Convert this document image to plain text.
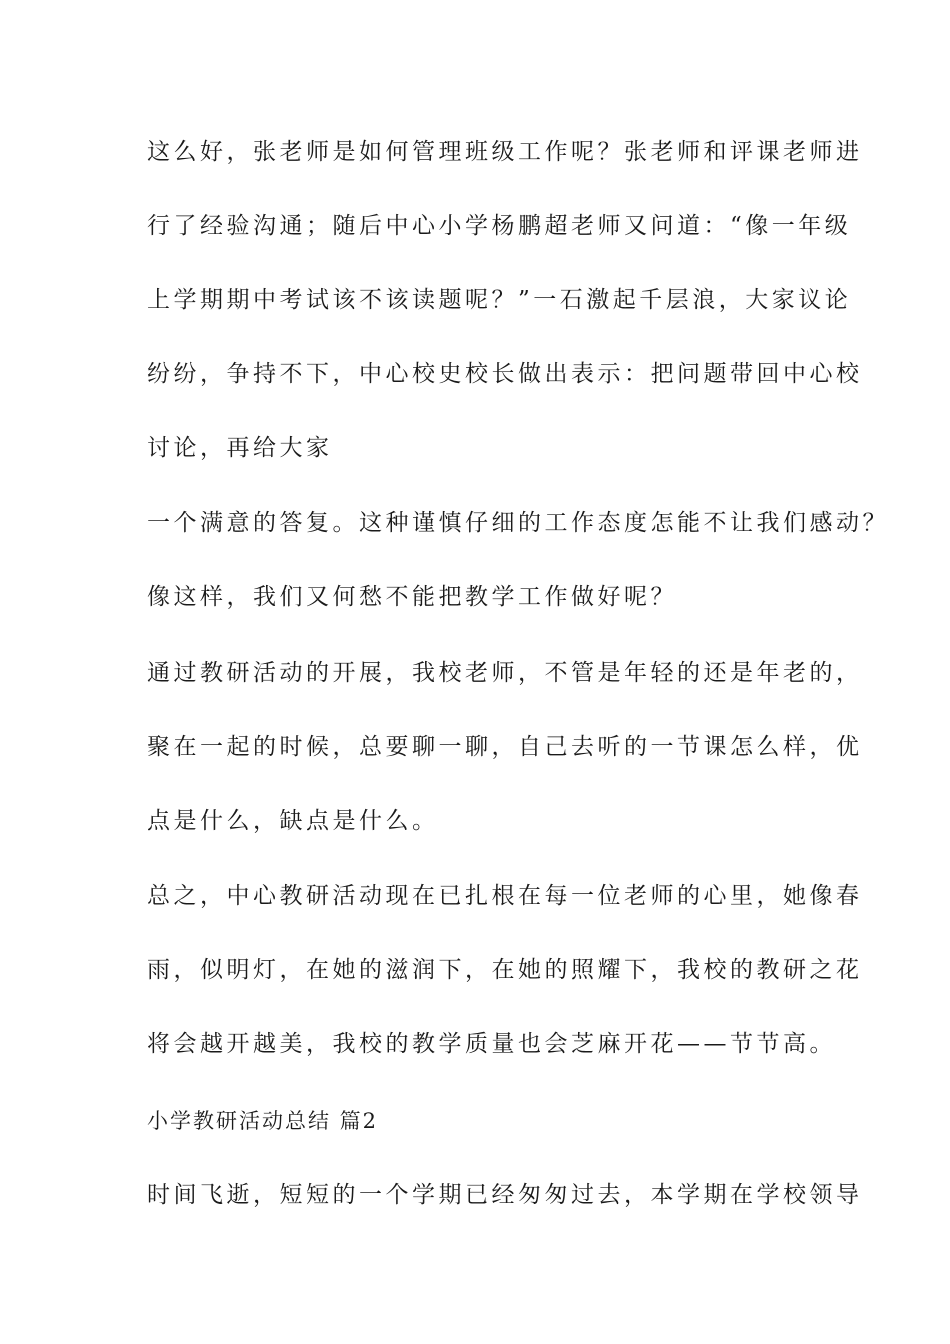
这么好，张老师是如何管理班级工作呢？张老师和评课老师进

行了经验沟通；随后中心小学杨鹏超老师又问道：“像一年级

上学期期中考试该不该读题呢？”一石激起千层浪，大家议论

纷纷，争持不下，中心校史校长做出表示：把问题带回中心校

讨论，再给大家

一个满意的答复。这种谨慎仔细的工作态度怎能不让我们感动？

像这样，我们又何愁不能把教学工作做好呢？

通过教研活动的开展，我校老师，不管是年轻的还是年老的，

聚在一起的时候，总要聊一聊，自己去听的一节课怎么样，优

点是什么，缺点是什么。

总之，中心教研活动现在已扎根在每一位老师的心里，她像春

雨，似明灯，在她的滋润下，在她的照耀下，我校的教研之花

将会越开越美，我校的教学质量也会芝麻开花——节节高。

小学教研活动总结 篇2

时间飞逝，短短的一个学期已经匆匆过去，本学期在学校领导
